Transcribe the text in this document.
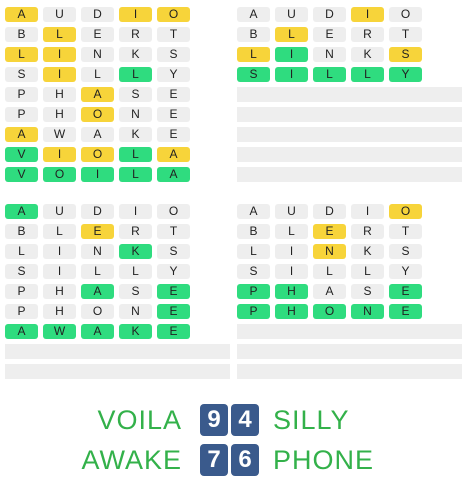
A	U	D	I	O
B	L	E	R	T
L	I	N	K	S
S	I	L	L	Y
P	H	A	S	E
P	H	O	N	E
A	W	A	K	E
V	I	O	L	A
V	O	I	L	A
A	U	D	I	O
B	L	E	R	T
L	I	N	K	S
S	I	L	L	Y
A	U	D	I	O
B	L	E	R	T
L	I	N	K	S
S	I	L	L	Y
P	H	A	S	E
P	H	O	N	E
A	W	A	K	E
A	U	D	I	O
B	L	E	R	T
L	I	N	K	S
S	I	L	L	Y
P	H	A	S	E
P	H	O	N	E
VOILA	9 4 SILLY
AWAKE	7 6 PHONE
